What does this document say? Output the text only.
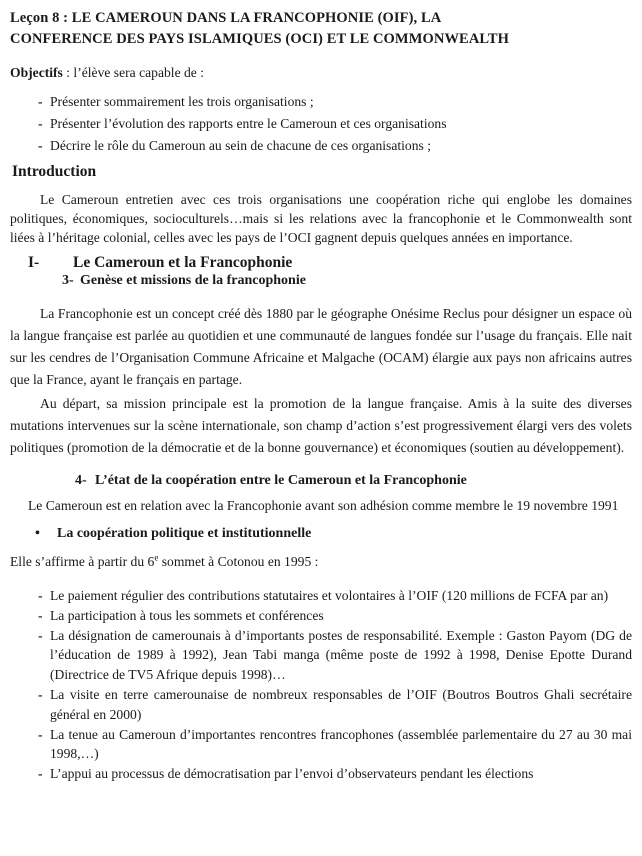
Leçon 8 : LE CAMEROUN DANS LA FRANCOPHONIE (OIF), LA
CONFERENCE DES PAYS ISLAMIQUES (OCI) ET LE COMMONWEALTH

Objectifs : l’élève sera capable de :

- Présenter sommairement les trois organisations ;
- Présenter l’évolution des rapports entre le Cameroun et ces organisations
- Décrire le rôle du Cameroun au sein de chacune de ces organisations ;
Introduction

Le Cameroun entretien avec ces trois organisations une coopération riche qui englobe les domaines politiques, économiques, socioculturels…mais si les relations avec la francophonie et le Commonwealth sont liées à l’héritage colonial, celles avec les pays de l’OCI gagnent depuis quelques années en importance.

I- Le Cameroun et la Francophonie
3- Genèse et missions de la francophonie

La Francophonie est un concept créé dès 1880 par le géographe Onésime Reclus pour désigner un espace où la langue française est parlée au quotidien et une communauté de langues fondée sur l’usage du français. Elle nait sur les cendres de l’Organisation Commune Africaine et Malgache (OCAM) élargie aux pays non africains autres que la France, ayant le français en partage.

Au départ, sa mission principale est la promotion de la langue française. Amis à la suite des diverses mutations intervenues sur la scène internationale, son champ d’action s’est progressivement élargi vers des volets politiques (promotion de la démocratie et de la bonne gouvernance) et économiques (soutien au développement).

4- L’état de la coopération entre le Cameroun et la Francophonie

Le Cameroun est en relation avec la Francophonie avant son adhésion comme membre le 19 novembre 1991

• La coopération politique et institutionnelle

Elle s’affirme à partir du 6e sommet à Cotonou en 1995 :

- Le paiement régulier des contributions statutaires et volontaires à l’OIF (120 millions de FCFA par an)
- La participation à tous les sommets et conférences
- La désignation de camerounais à d’importants postes de responsabilité. Exemple : Gaston Payom (DG de l’éducation de 1989 à 1992), Jean Tabi manga (même poste de 1992 à 1998, Denise Epotte Durand (Directrice de TV5 Afrique depuis 1998)…
- La visite en terre camerounaise de nombreux responsables de l’OIF (Boutros Boutros Ghali secrétaire général en 2000)
- La tenue au Cameroun d’importantes rencontres francophones (assemblée parlementaire du 27 au 30 mai 1998,…)
- L’appui au processus de démocratisation par l’envoi d’observateurs pendant les élections
